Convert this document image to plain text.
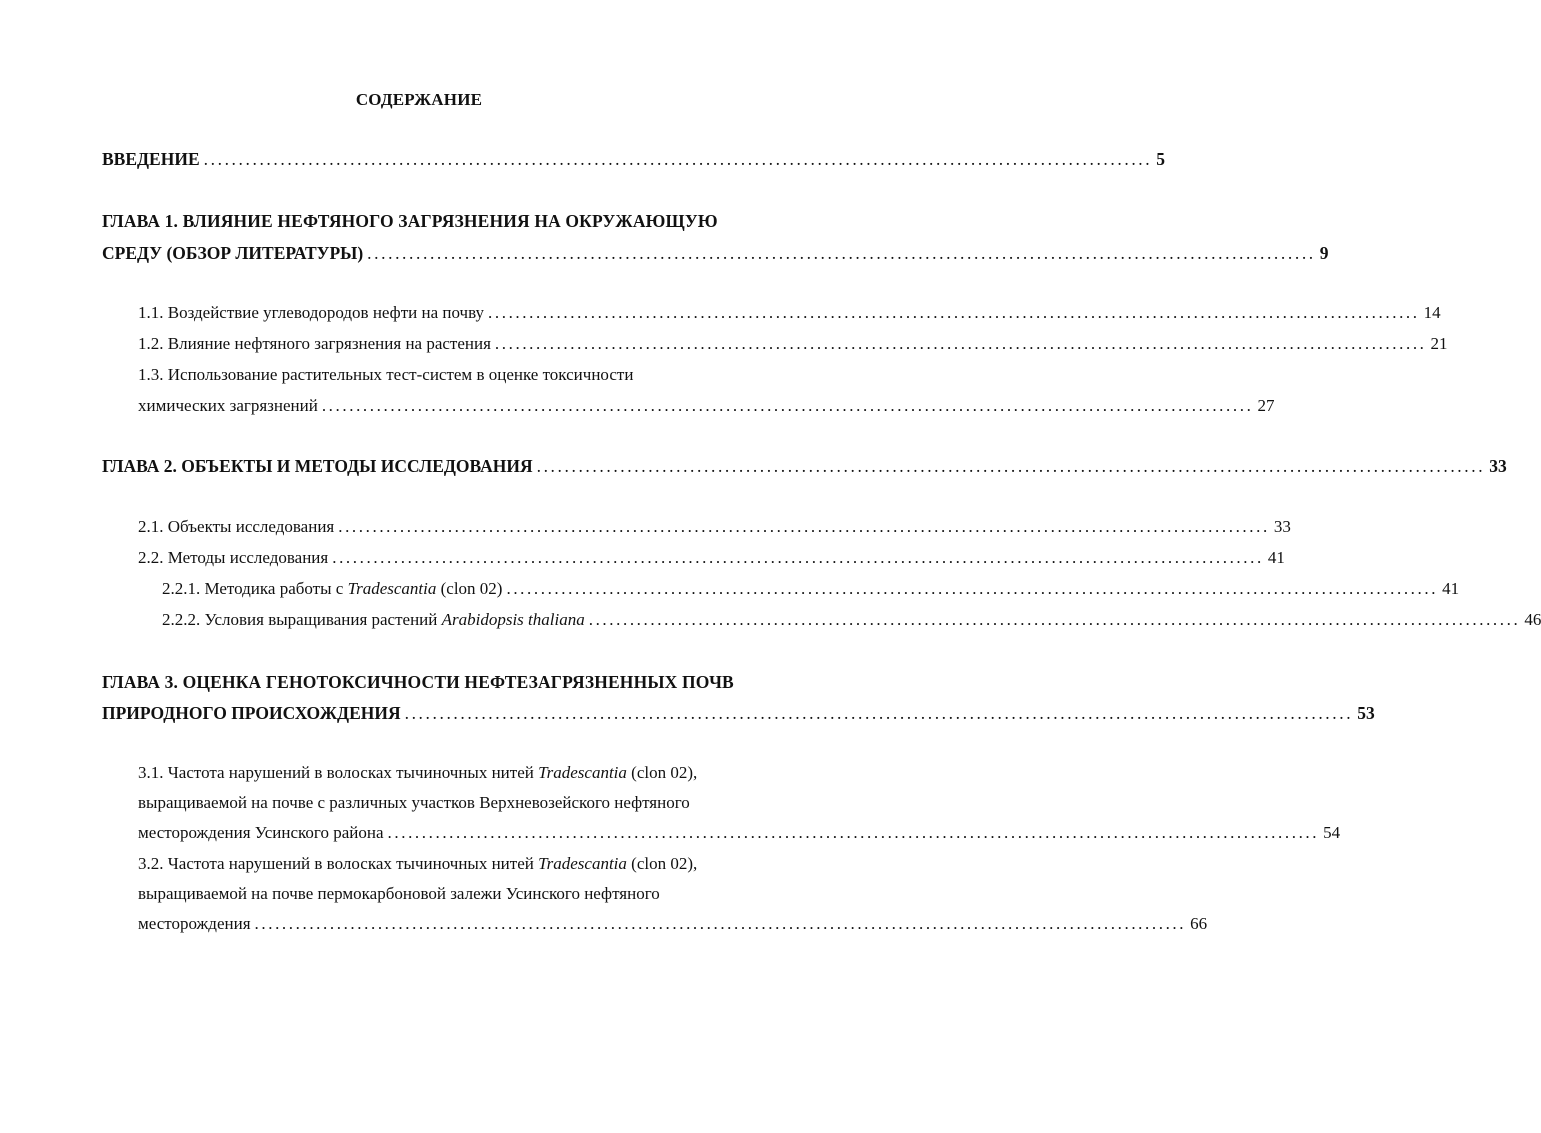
СОДЕРЖАНИЕ
ВВЕДЕНИЕ ........................................................................................................................................ 5
ГЛАВА 1. ВЛИЯНИЕ НЕФТЯНОГО ЗАГРЯЗНЕНИЯ НА ОКРУЖАЮЩУЮ
СРЕДУ (ОБЗОР ЛИТЕРАТУРЫ) ........................................................................................................................................ 9
1.1. Воздействие углеводородов нефти на почву ........................................................................................................................................ 14
1.2. Влияние нефтяного загрязнения на растения ........................................................................................................................................ 21
1.3. Использование растительных тест-систем в оценке токсичности
химических загрязнений ........................................................................................................................................ 27
ГЛАВА 2. ОБЪЕКТЫ И МЕТОДЫ ИССЛЕДОВАНИЯ ........................................................................................................................................ 33
2.1. Объекты исследования ........................................................................................................................................ 33
2.2. Методы исследования ........................................................................................................................................ 41
2.2.1. Методика работы с Tradescantia (clon 02) ........................................................................................................................................ 41
2.2.2. Условия выращивания растений Arabidopsis thaliana ........................................................................................................................................ 46
ГЛАВА 3. ОЦЕНКА ГЕНОТОКСИЧНОСТИ НЕФТЕЗАГРЯЗНЕННЫХ ПОЧВ
ПРИРОДНОГО ПРОИСХОЖДЕНИЯ ........................................................................................................................................ 53
3.1. Частота нарушений в волосках тычиночных нитей Tradescantia (clon 02),
выращиваемой на почве с различных участков Верхневозейского нефтяного
месторождения Усинского района ........................................................................................................................................ 54
3.2. Частота нарушений в волосках тычиночных нитей Tradescantia (clon 02),
выращиваемой на почве пермокарбоновой залежи Усинского нефтяного
месторождения ........................................................................................................................................ 66
